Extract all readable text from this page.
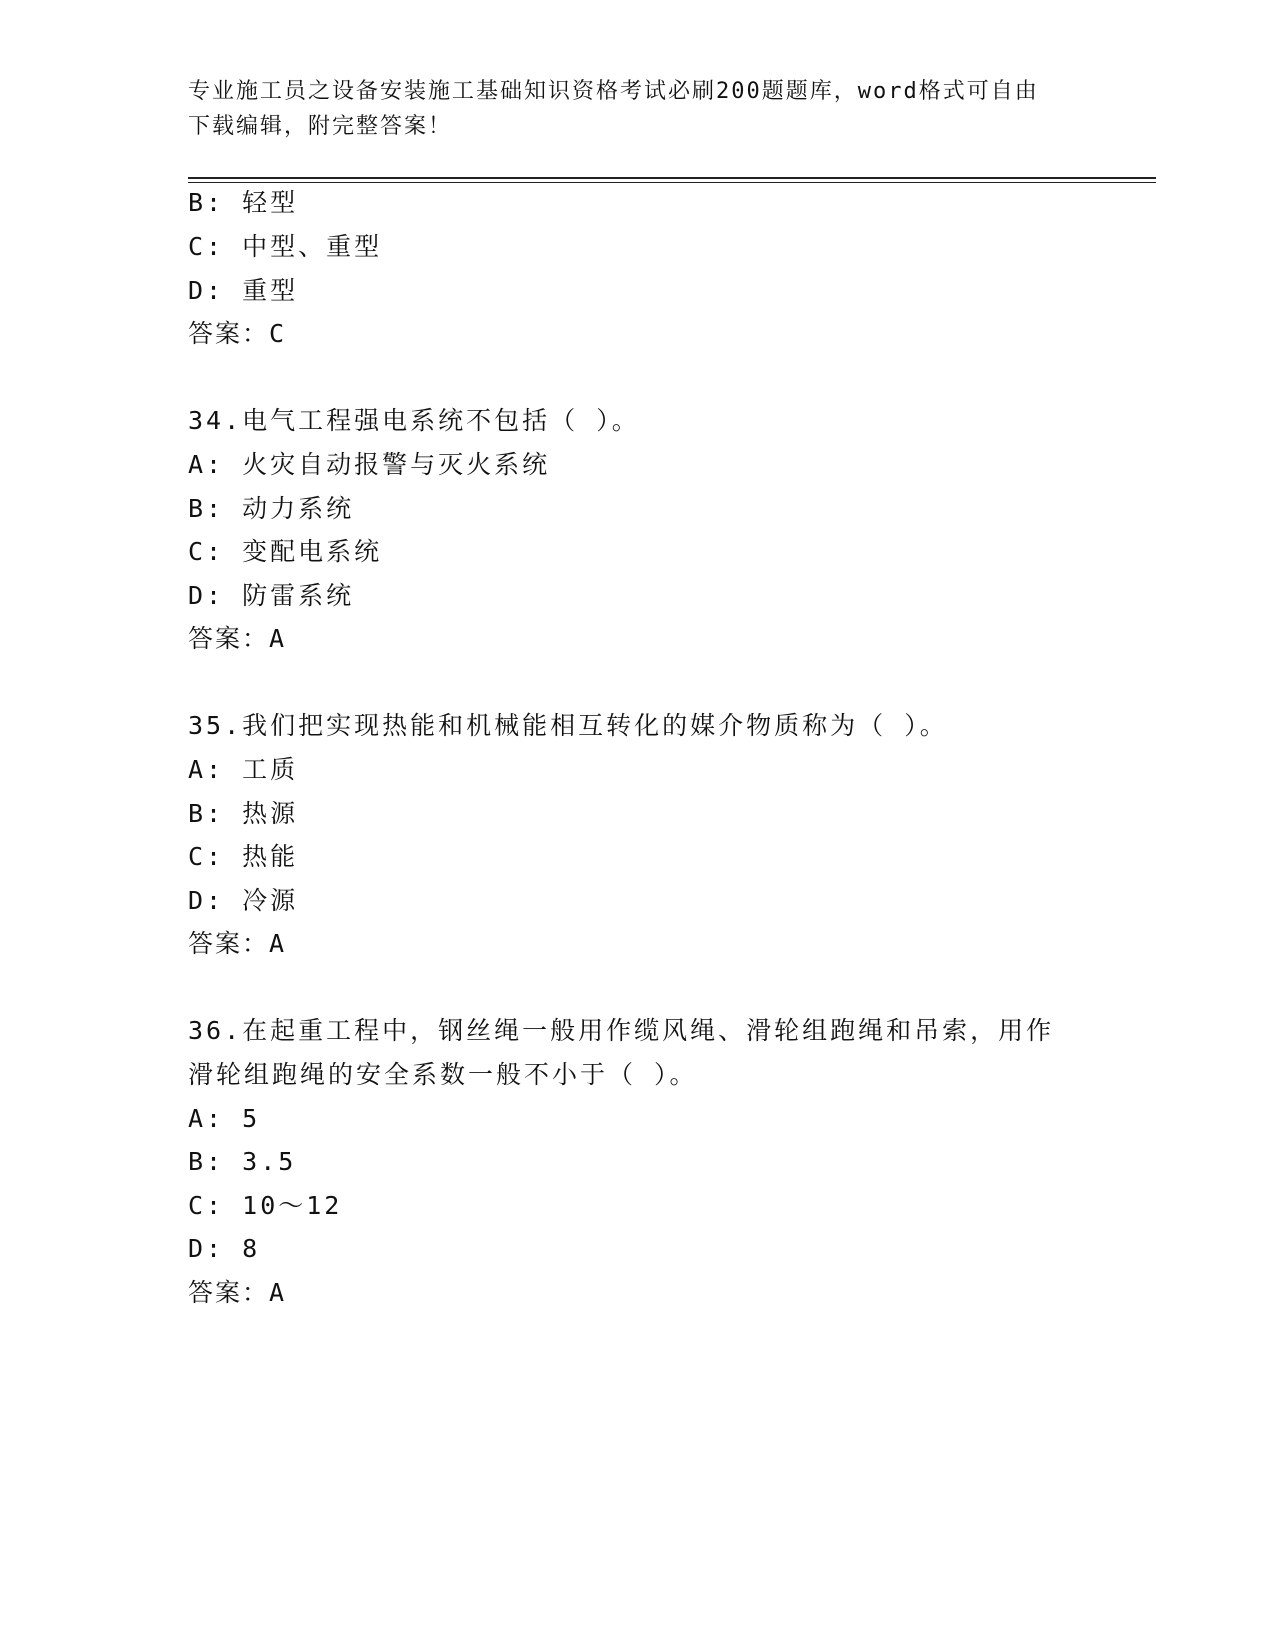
专业施工员之设备安装施工基础知识资格考试必刷200题题库，word格式可自由
下载编辑，附完整答案！
B: 轻型
C: 中型、重型
D: 重型
答案：C
34.电气工程强电系统不包括（ ）。
A: 火灾自动报警与灭火系统
B: 动力系统
C: 变配电系统
D: 防雷系统
答案：A
35.我们把实现热能和机械能相互转化的媒介物质称为（ ）。
A: 工质
B: 热源
C: 热能
D: 冷源
答案：A
36.在起重工程中，钢丝绳一般用作缆风绳、滑轮组跑绳和吊索，用作
滑轮组跑绳的安全系数一般不小于（ ）。
A: 5
B: 3.5
C: 10～12
D: 8
答案：A
